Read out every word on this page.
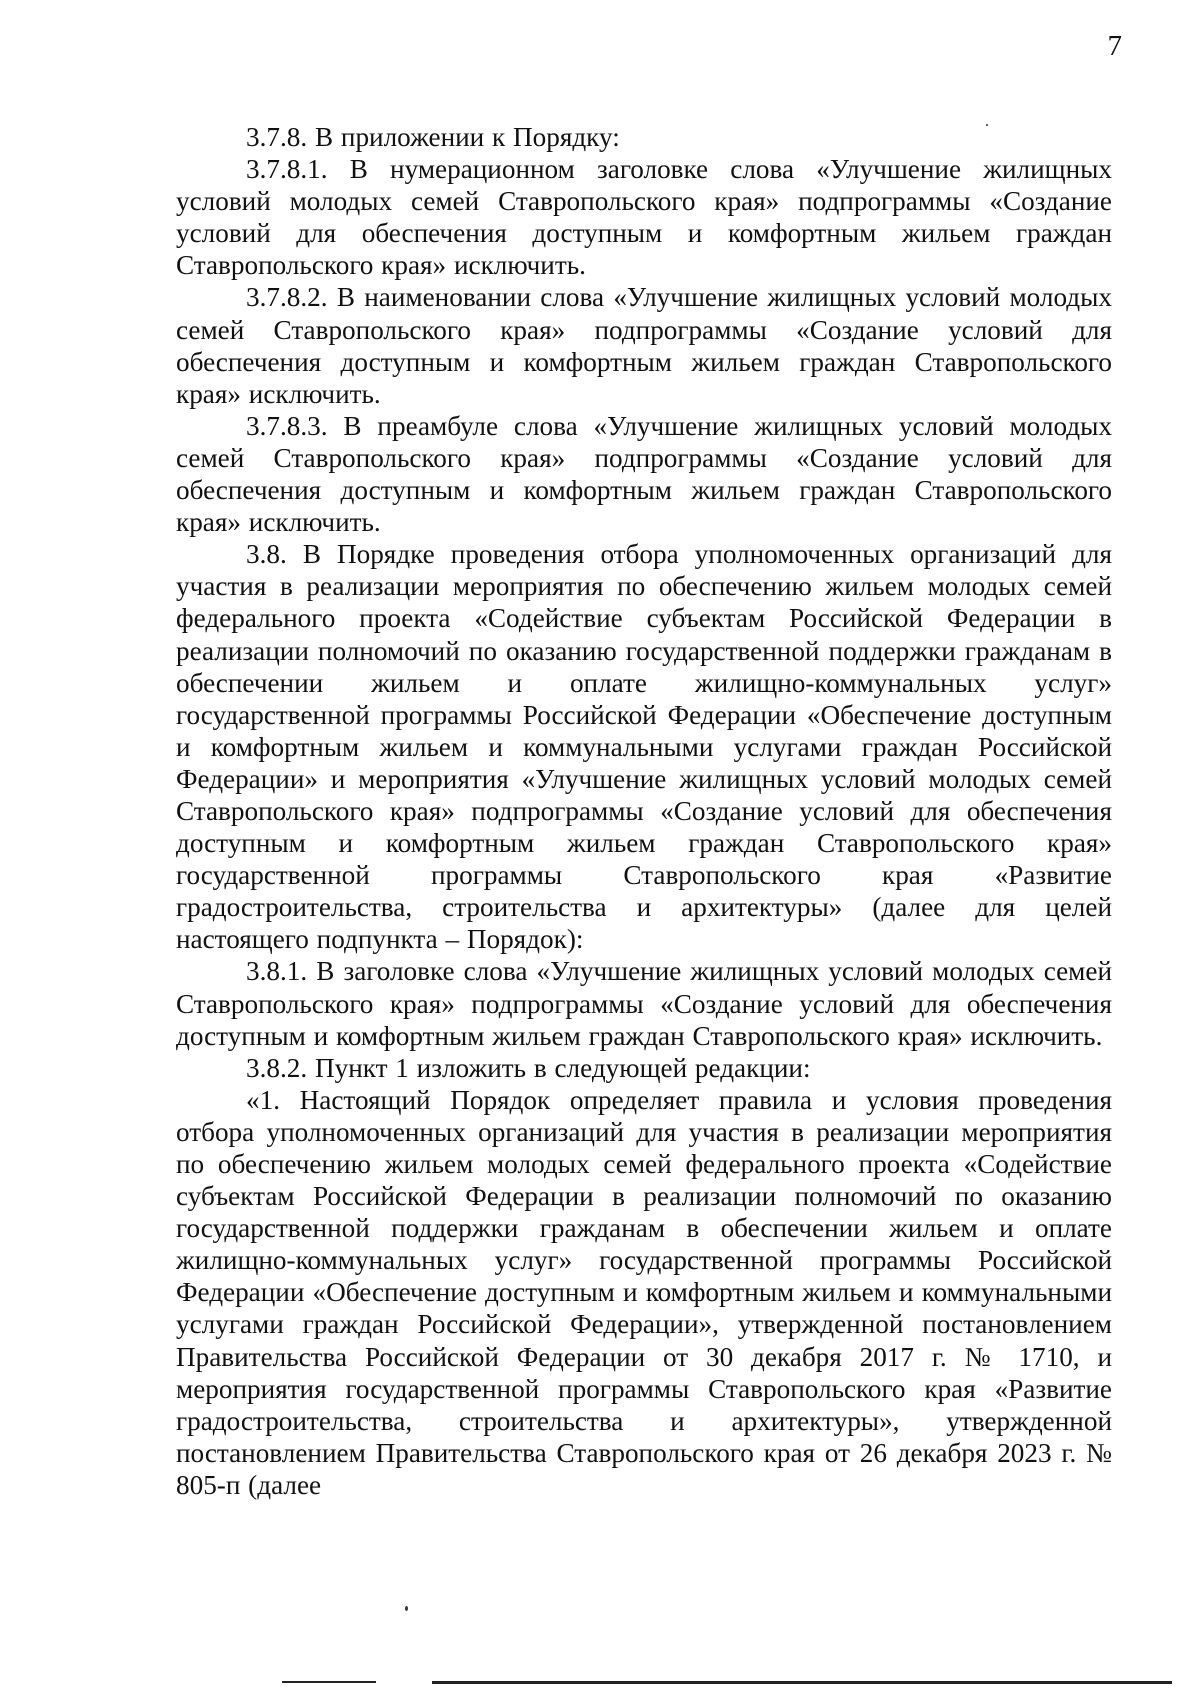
7

3.7.8. В приложении к Порядку:

3.7.8.1. В нумерационном заголовке слова «Улучшение жилищных условий молодых семей Ставропольского края» подпрограммы «Создание условий для обеспечения доступным и комфортным жильем граждан Ставропольского края» исключить.

3.7.8.2. В наименовании слова «Улучшение жилищных условий молодых семей Ставропольского края» подпрограммы «Создание условий для обеспечения доступным и комфортным жильем граждан Ставропольского края» исключить.

3.7.8.3. В преамбуле слова «Улучшение жилищных условий молодых семей Ставропольского края» подпрограммы «Создание условий для обеспечения доступным и комфортным жильем граждан Ставропольского края» исключить.

3.8. В Порядке проведения отбора уполномоченных организаций для участия в реализации мероприятия по обеспечению жильем молодых семей федерального проекта «Содействие субъектам Российской Федерации в реализации полномочий по оказанию государственной поддержки гражданам в обеспечении жильем и оплате жилищно-коммунальных услуг» государственной программы Российской Федерации «Обеспечение доступным и комфортным жильем и коммунальными услугами граждан Российской Федерации» и мероприятия «Улучшение жилищных условий молодых семей Ставропольского края» подпрограммы «Создание условий для обеспечения доступным и комфортным жильем граждан Ставропольского края» государственной программы Ставропольского края «Развитие градостроительства, строительства и архитектуры» (далее для целей настоящего подпункта – Порядок):

3.8.1. В заголовке слова «Улучшение жилищных условий молодых семей Ставропольского края» подпрограммы «Создание условий для обеспечения доступным и комфортным жильем граждан Ставропольского края» исключить.

3.8.2. Пункт 1 изложить в следующей редакции:

«1. Настоящий Порядок определяет правила и условия проведения отбора уполномоченных организаций для участия в реализации мероприятия по обеспечению жильем молодых семей федерального проекта «Содействие субъектам Российской Федерации в реализации полномочий по оказанию государственной поддержки гражданам в обеспечении жильем и оплате жилищно-коммунальных услуг» государственной программы Российской Федерации «Обеспечение доступным и комфортным жильем и коммунальными услугами граждан Российской Федерации», утвержденной постановлением Правительства Российской Федерации от 30 декабря 2017 г. № 1710, и мероприятия государственной программы Ставропольского края «Развитие градостроительства, строительства и архитектуры», утвержденной постановлением Правительства Ставропольского края от 26 декабря 2023 г. № 805-п (далее
